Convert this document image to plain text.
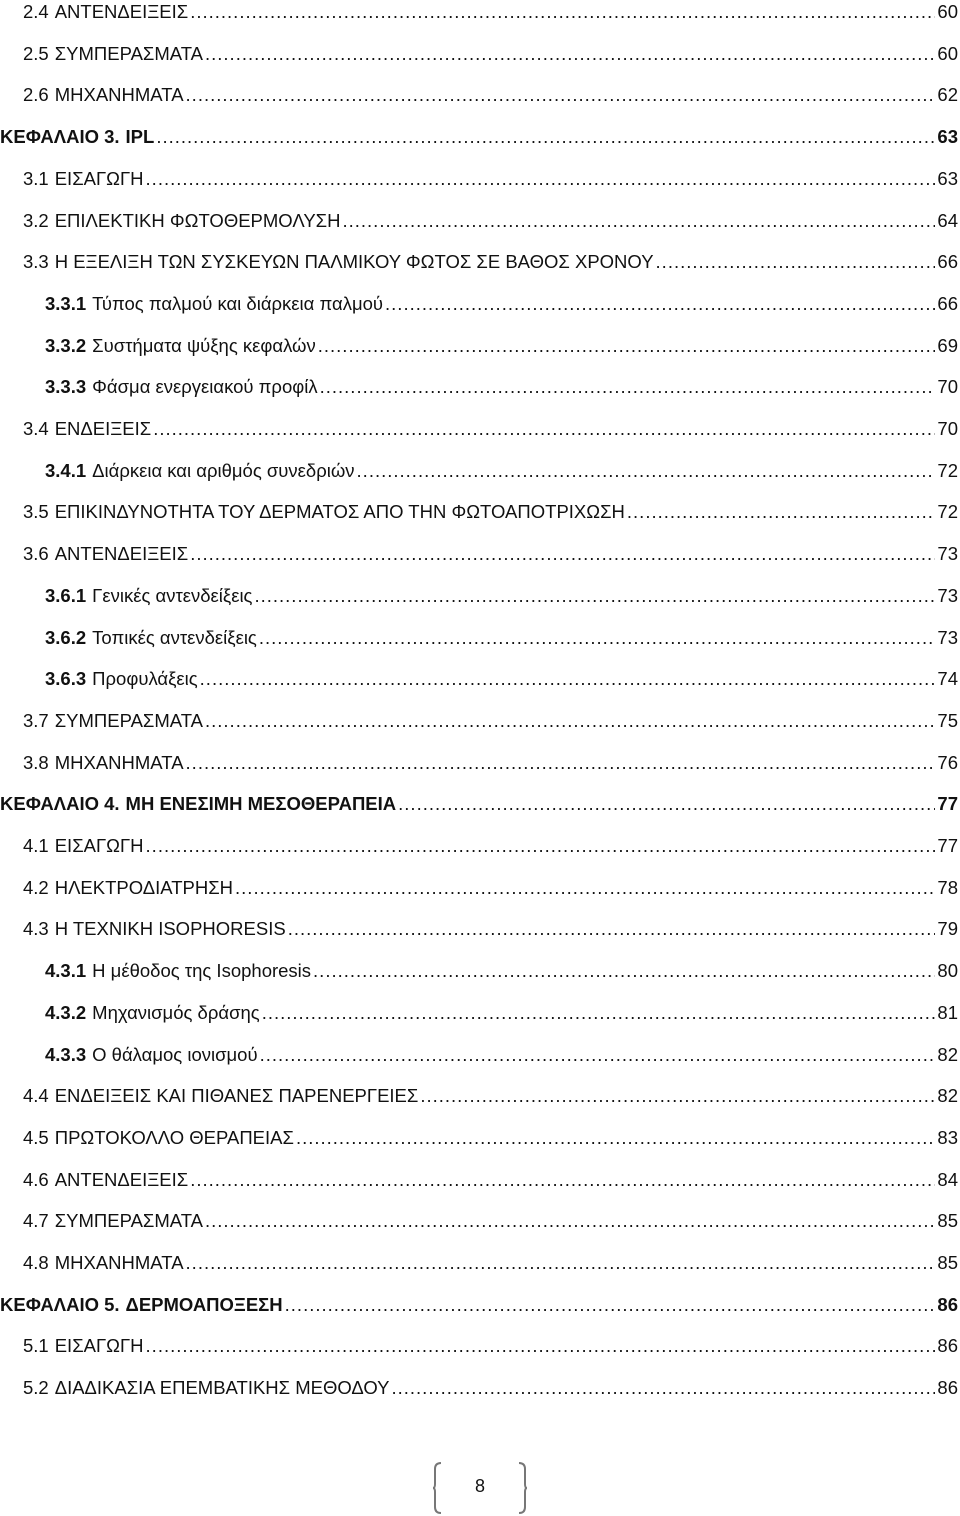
2.4 ΑΝΤΕΝΔΕΙΞΕΙΣ .....	60
2.5 ΣΥΜΠΕΡΑΣΜΑΤΑ .....	60
2.6 ΜΗΧΑΝΗΜΑΤΑ .....	62
ΚΕΦΑΛΑΙΟ 3. IPL .....	63
3.1 ΕΙΣΑΓΩΓΗ .....	63
3.2 ΕΠΙΛΕΚΤΙΚΗ ΦΩΤΟΘΕΡΜΟΛΥΣΗ .....	64
3.3 Η ΕΞΕΛΙΞΗ ΤΩΝ ΣΥΣΚΕΥΩΝ ΠΑΛΜΙΚΟΥ ΦΩΤΟΣ ΣΕ ΒΑΘΟΣ ΧΡΟΝΟΥ .....	66
3.3.1 Τύπος παλμού και διάρκεια παλμού .....	66
3.3.2 Συστήματα ψύξης κεφαλών .....	69
3.3.3 Φάσμα ενεργειακού προφίλ .....	70
3.4 ΕΝΔΕΙΞΕΙΣ .....	70
3.4.1 Διάρκεια και αριθμός συνεδριών .....	72
3.5 ΕΠΙΚΙΝΔΥΝΟΤΗΤΑ ΤΟΥ ΔΕΡΜΑΤΟΣ ΑΠΟ ΤΗΝ ΦΩΤΟΑΠΟΤΡΙΧΩΣΗ .....	72
3.6 ΑΝΤΕΝΔΕΙΞΕΙΣ .....	73
3.6.1 Γενικές αντενδείξεις .....	73
3.6.2 Τοπικές αντενδείξεις .....	73
3.6.3 Προφυλάξεις .....	74
3.7 ΣΥΜΠΕΡΑΣΜΑΤΑ .....	75
3.8 ΜΗΧΑΝΗΜΑΤΑ .....	76
ΚΕΦΑΛΑΙΟ 4. ΜΗ ΕΝΕΣΙΜΗ ΜΕΣΟΘΕΡΑΠΕΙΑ .....	77
4.1 ΕΙΣΑΓΩΓΗ .....	77
4.2 ΗΛΕΚΤΡΟΔΙΑΤΡΗΣΗ .....	78
4.3 Η ΤΕΧΝΙΚΗ ISOPHORESIS .....	79
4.3.1 Η μέθοδος της Isophoresis .....	80
4.3.2 Μηχανισμός δράσης .....	81
4.3.3 Ο θάλαμος ιονισμού .....	82
4.4 ΕΝΔΕΙΞΕΙΣ ΚΑΙ ΠΙΘΑΝΕΣ ΠΑΡΕΝΕΡΓΕΙΕΣ .....	82
4.5 ΠΡΩΤΟΚΟΛΛΟ ΘΕΡΑΠΕΙΑΣ .....	83
4.6 ΑΝΤΕΝΔΕΙΞΕΙΣ .....	84
4.7 ΣΥΜΠΕΡΑΣΜΑΤΑ .....	85
4.8 ΜΗΧΑΝΗΜΑΤΑ .....	85
ΚΕΦΑΛΑΙΟ 5. ΔΕΡΜΟΑΠΟΞΕΣΗ .....	86
5.1 ΕΙΣΑΓΩΓΗ .....	86
5.2 ΔΙΑΔΙΚΑΣΙΑ ΕΠΕΜΒΑΤΙΚΗΣ ΜΕΘΟΔΟΥ .....	86
8
